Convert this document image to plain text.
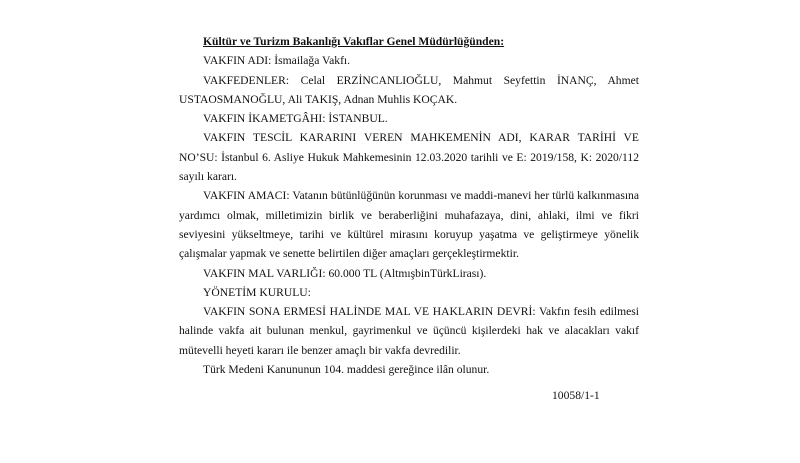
Kültür ve Turizm Bakanlığı Vakıflar Genel Müdürlüğünden:

VAKFIN ADI: İsmailağa Vakfı.

VAKFEDENLER: Celal ERZİNCANLIOĞLU, Mahmut Seyfettin İNANÇ, Ahmet USTAOSMANOĞLU, Ali TAKIŞ, Adnan Muhlis KOÇAK.

VAKFIN İKAMETGÂHI: İSTANBUL.

VAKFIN TESCİL KARARINI VEREN MAHKEMENİN ADI, KARAR TARİHİ VE NO’SU: İstanbul 6. Asliye Hukuk Mahkemesinin 12.03.2020 tarihli ve E: 2019/158, K: 2020/112 sayılı kararı.

VAKFIN AMACI: Vatanın bütünlüğünün korunması ve maddi-manevi her türlü kalkınmasına yardımcı olmak, milletimizin birlik ve beraberliğini muhafazaya, dini, ahlaki, ilmi ve fikri seviyesini yükseltmeye, tarihi ve kültürel mirasını koruyup yaşatma ve geliştirmeye yönelik çalışmalar yapmak ve senette belirtilen diğer amaçları gerçekleştirmektir.

VAKFIN MAL VARLIĞI: 60.000 TL (AltmışbinTürkLirası).

YÖNETİM KURULU:

VAKFIN SONA ERMESİ HALİNDE MAL VE HAKLARIN DEVRİ: Vakfın fesih edilmesi halinde vakfa ait bulunan menkul, gayrimenkul ve üçüncü kişilerdeki hak ve alacakları vakıf mütevelli heyeti kararı ile benzer amaçlı bir vakfa devredilir.

Türk Medeni Kanununun 104. maddesi gereğince ilân olunur.

10058/1-1
